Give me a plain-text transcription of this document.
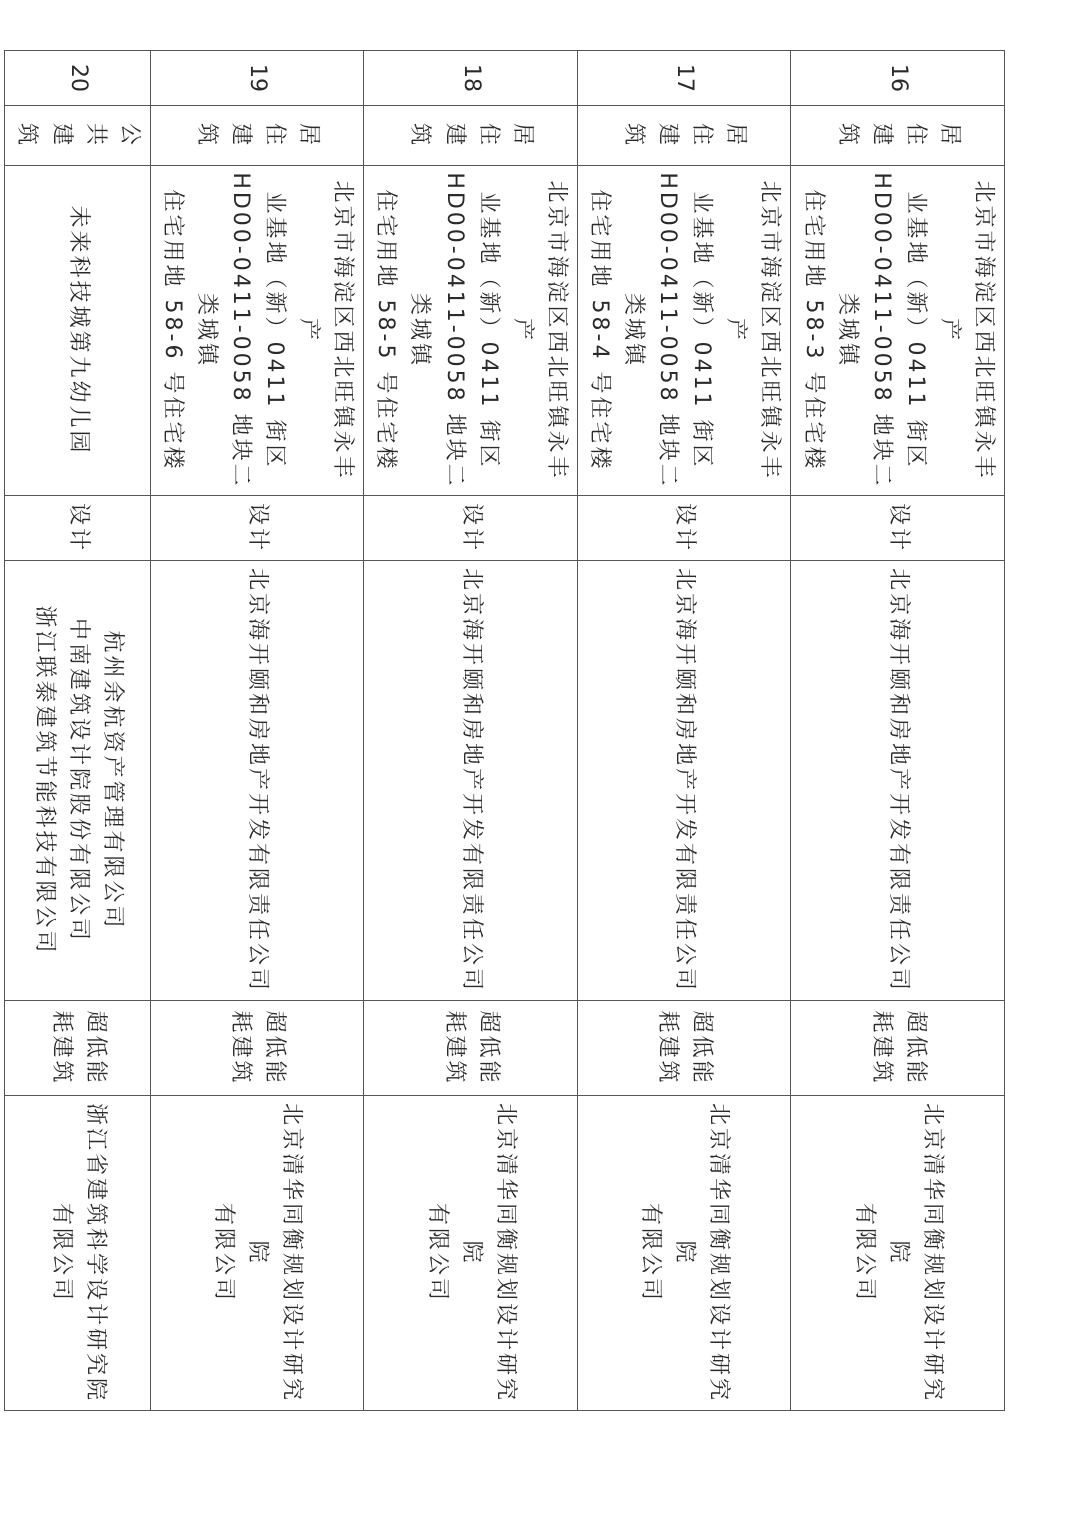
16	居住
建筑	北京市海淀区西北旺镇永丰产
业基地（新）0411 街区
HD00-0411-0058 地块二类城镇
住宅用地 58-3 号住宅楼	设计	北京海开颐和房地产开发有限责任公司	超低能
耗建筑	北京清华同衡规划设计研究院
有限公司
17	居住
建筑	北京市海淀区西北旺镇永丰产
业基地（新）0411 街区
HD00-0411-0058 地块二类城镇
住宅用地 58-4 号住宅楼	设计	北京海开颐和房地产开发有限责任公司	超低能
耗建筑	北京清华同衡规划设计研究院
有限公司
18	居住
建筑	北京市海淀区西北旺镇永丰产
业基地（新）0411 街区
HD00-0411-0058 地块二类城镇
住宅用地 58-5 号住宅楼	设计	北京海开颐和房地产开发有限责任公司	超低能
耗建筑	北京清华同衡规划设计研究院
有限公司
19	居住
建筑	北京市海淀区西北旺镇永丰产
业基地（新）0411 街区
HD00-0411-0058 地块二类城镇
住宅用地 58-6 号住宅楼	设计	北京海开颐和房地产开发有限责任公司	超低能
耗建筑	北京清华同衡规划设计研究院
有限公司
20	公共
建筑	未来科技城第九幼儿园	设计	杭州余杭资产管理有限公司
中南建筑设计院股份有限公司
浙江联泰建筑节能科技有限公司	超低能
耗建筑	浙江省建筑科学设计研究院
有限公司
